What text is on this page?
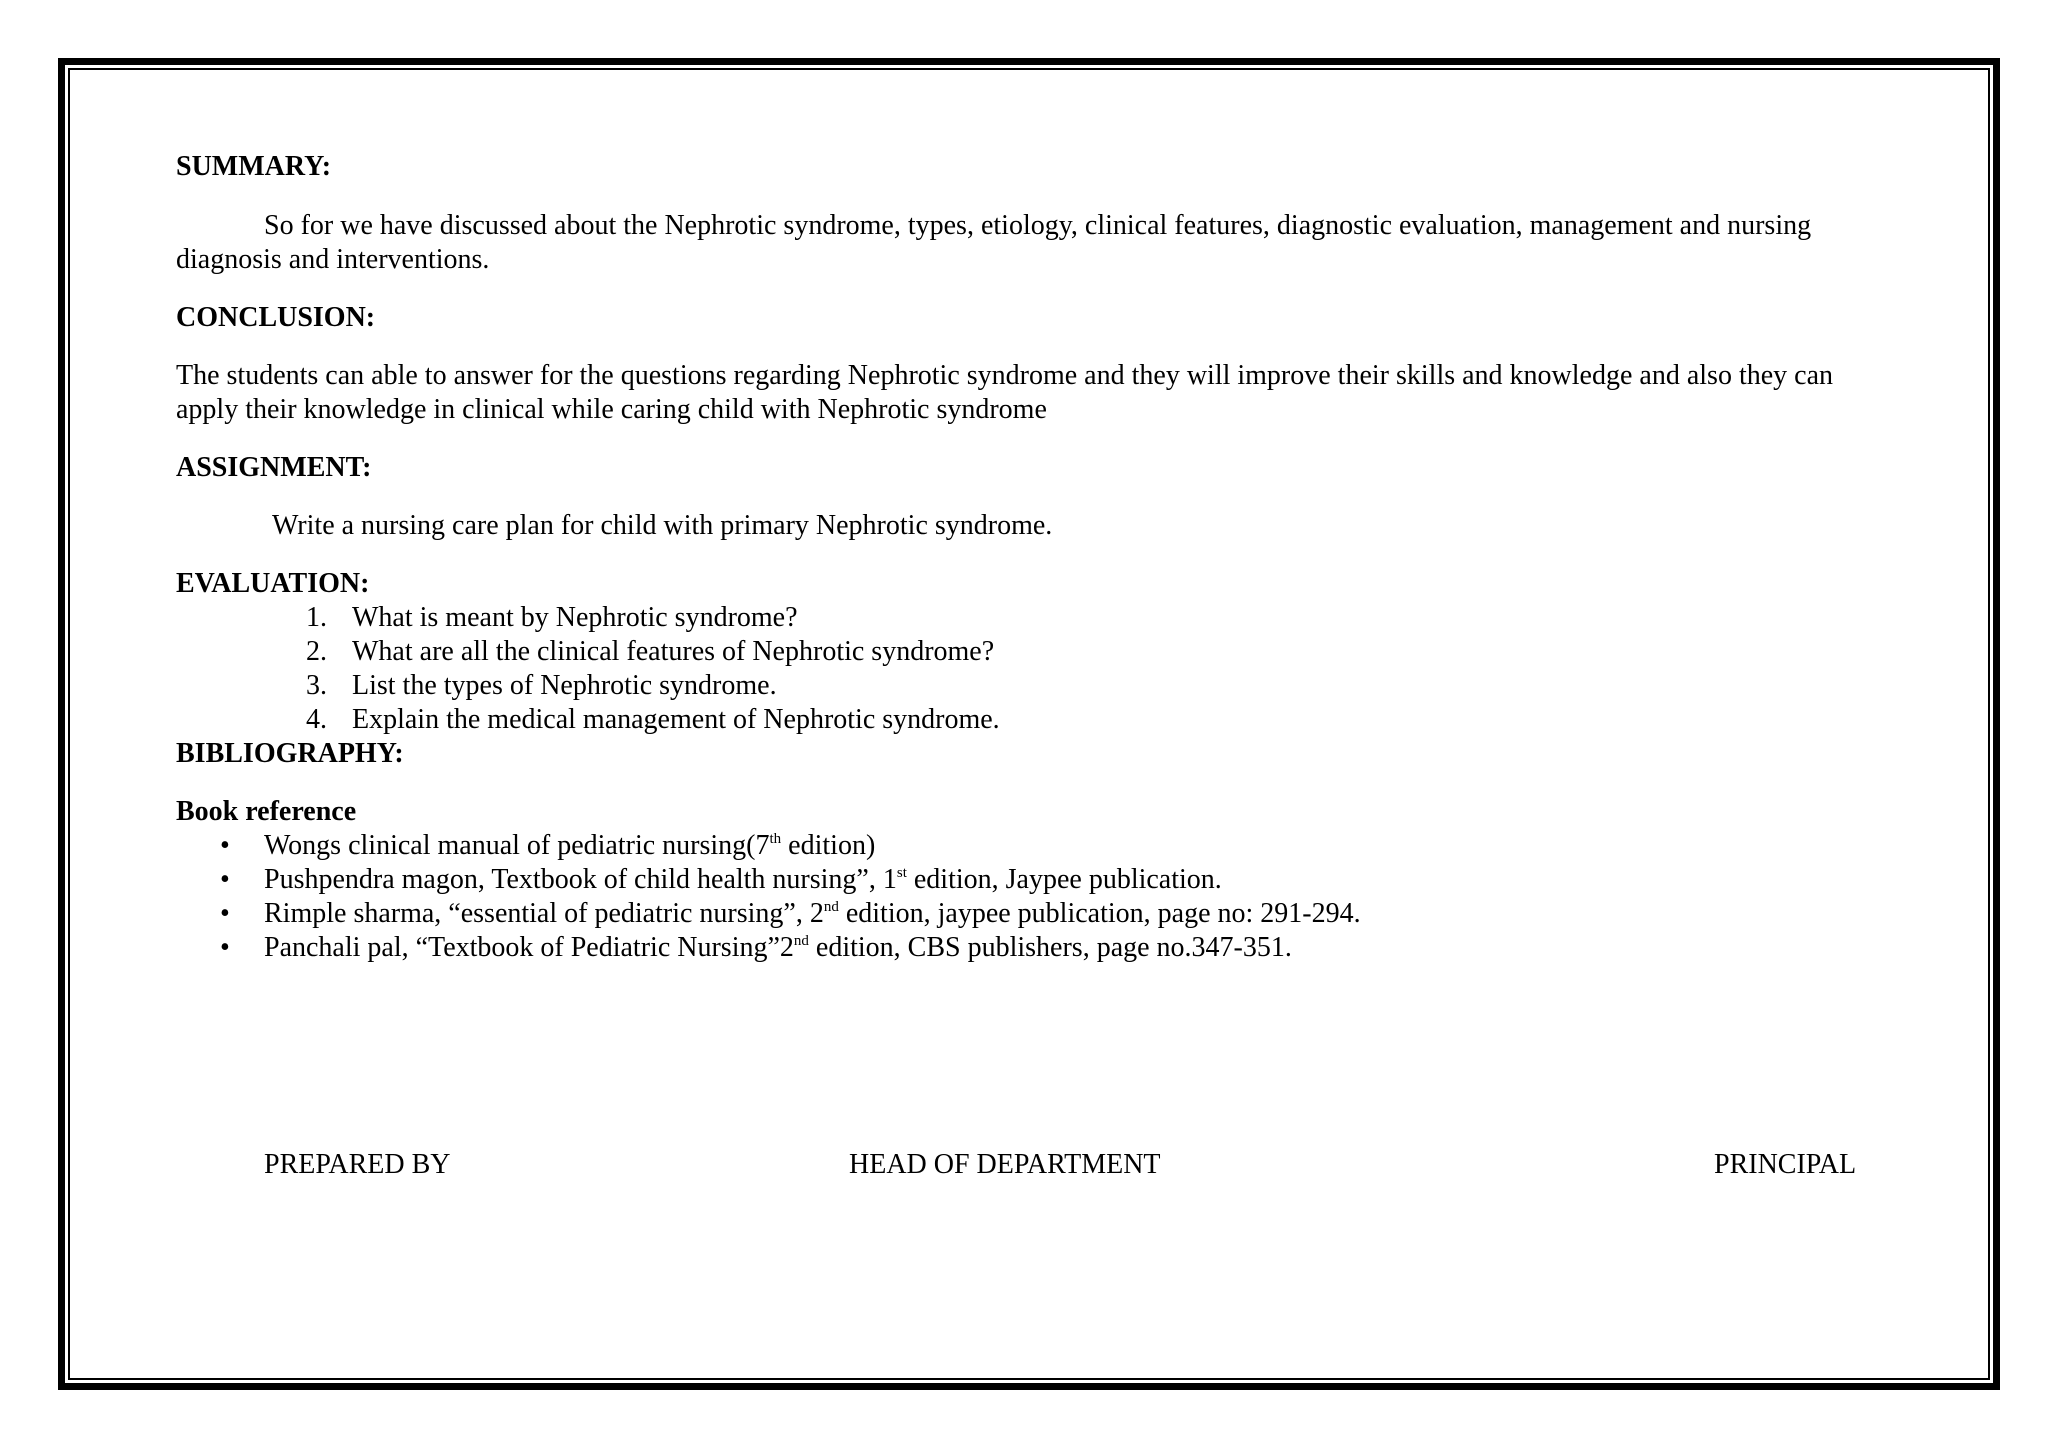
SUMMARY:

So for we have discussed about the Nephrotic syndrome, types, etiology, clinical features, diagnostic evaluation, management and nursing diagnosis and interventions.

CONCLUSION:

The students can able to answer for the questions regarding Nephrotic syndrome and they will improve their skills and knowledge and also they can apply their knowledge in clinical while caring child with Nephrotic syndrome

ASSIGNMENT:

Write a nursing care plan for child with primary Nephrotic syndrome.

EVALUATION:

1. What is meant by Nephrotic syndrome?
2. What are all the clinical features of Nephrotic syndrome?
3. List the types of Nephrotic syndrome.
4. Explain the medical management of Nephrotic syndrome.

BIBLIOGRAPHY:

Book reference

• Wongs clinical manual of pediatric nursing(7th edition)
• Pushpendra magon, Textbook of child health nursing”, 1st edition, Jaypee publication.
• Rimple sharma, “essential of pediatric nursing”, 2nd edition, jaypee publication, page no: 291-294.
• Panchali pal, “Textbook of Pediatric Nursing”2nd edition, CBS publishers, page no.347-351.
PREPARED BY	HEAD OF DEPARTMENT	PRINCIPAL
